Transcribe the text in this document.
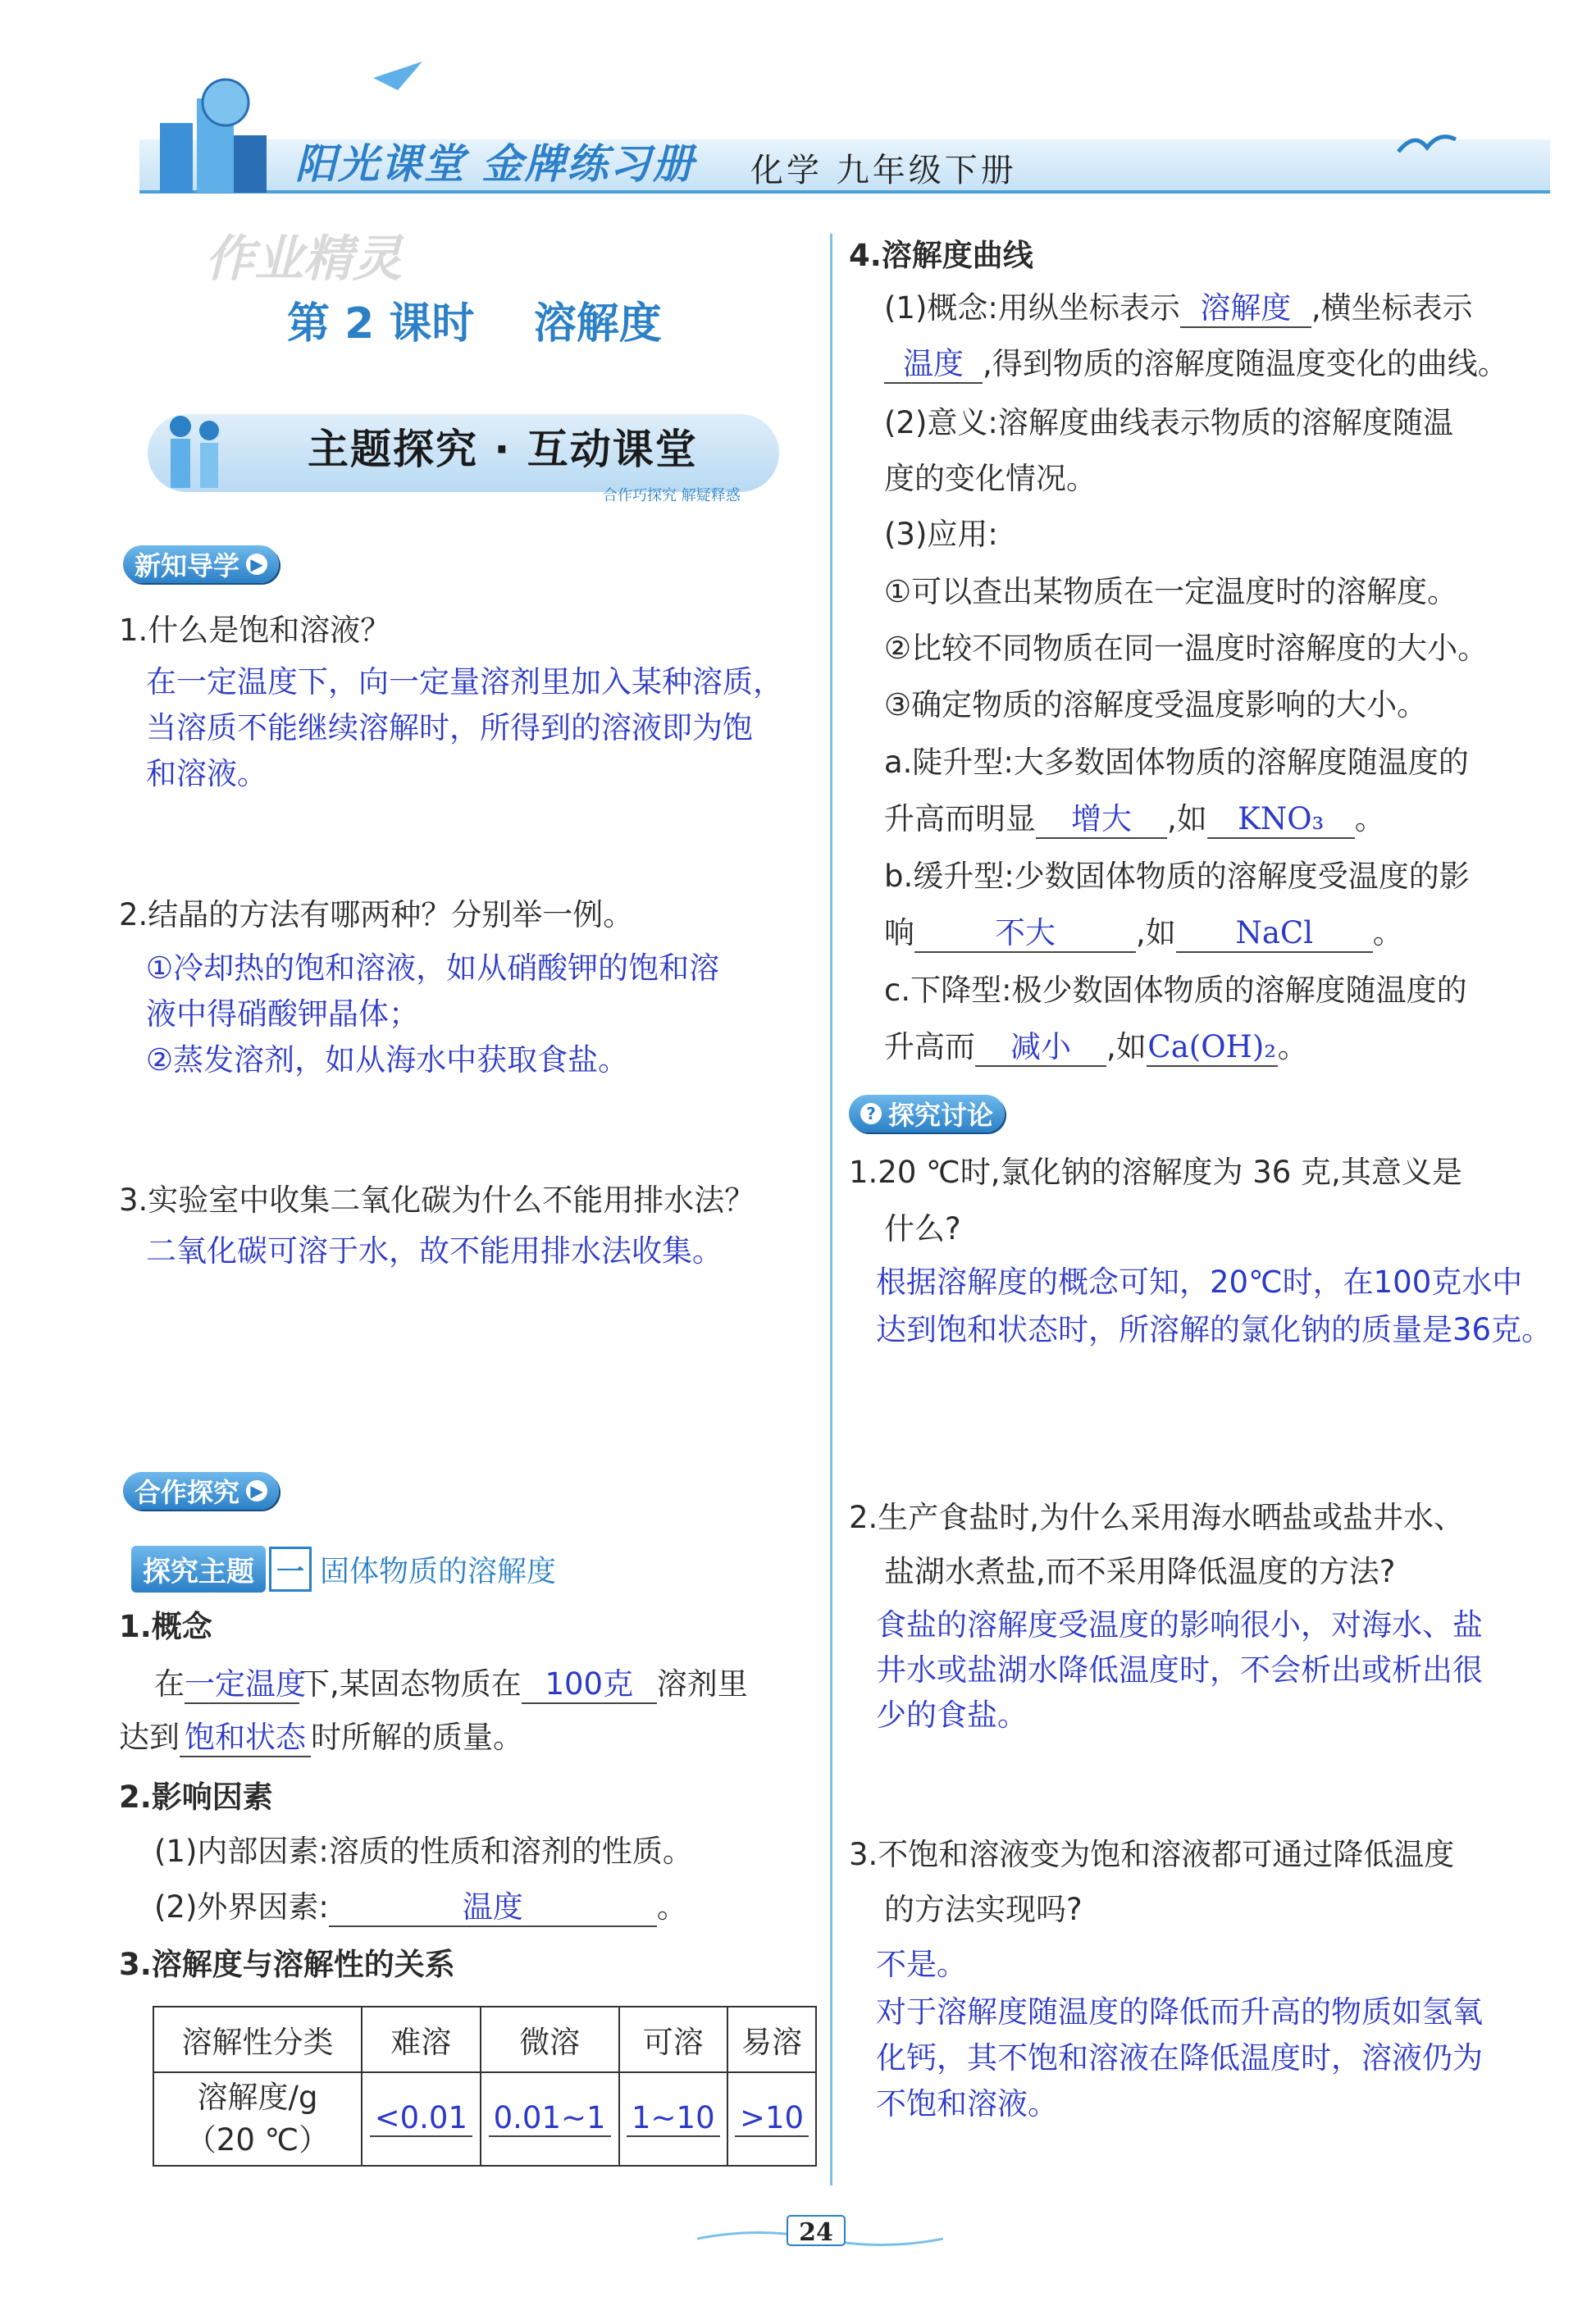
阳光课堂 金牌练习册 化学 九年级下册
作业精灵
第 2 课时    溶解度
主题探究 · 互动课堂
合作巧探究 解疑释惑
新知导学 ▶
1.什么是饱和溶液？
在一定温度下，向一定量溶剂里加入某种溶质，
当溶质不能继续溶解时，所得到的溶液即为饱
和溶液。
2.结晶的方法有哪两种？分别举一例。
①冷却热的饱和溶液，如从硝酸钾的饱和溶
液中得硝酸钾晶体；
②蒸发溶剂，如从海水中获取食盐。
3.实验室中收集二氧化碳为什么不能用排水法？
二氧化碳可溶于水，故不能用排水法收集。
合作探究 ▶
探究主题 一 固体物质的溶解度
1.概念
在一定温度下,某固态物质在 100克 溶剂里
达到 饱和状态 时所解的质量。
2.影响因素
(1)内部因素:溶质的性质和溶剂的性质。
(2)外界因素:	温度	。
3.溶解度与溶解性的关系
溶解性分类	难溶	微溶	可溶	易溶

溶解度/g
（20 ℃）	<0.01	0.01~1	1~10	>10
4.溶解度曲线
(1)概念:用纵坐标表示 溶解度 ,横坐标表示
温度 ,得到物质的溶解度随温度变化的曲线。
(2)意义:溶解度曲线表示物质的溶解度随温
度的变化情况。
(3)应用:
①可以查出某物质在一定温度时的溶解度。
②比较不同物质在同一温度时溶解度的大小。
③确定物质的溶解度受温度影响的大小。
a.陡升型:大多数固体物质的溶解度随温度的
升高而明显 增大 ,如 KNO₃ 。
b.缓升型:少数固体物质的溶解度受温度的影
响	不大	,如 NaCl 。
c.下降型:极少数固体物质的溶解度随温度的
升高而 减小 ,如Ca(OH)₂。
? 探究讨论
1.20 ℃时,氯化钠的溶解度为 36 克,其意义是
什么?
根据溶解度的概念可知，20℃时，在100克水中
达到饱和状态时，所溶解的氯化钠的质量是36克。
2.生产食盐时,为什么采用海水晒盐或盐井水、
盐湖水煮盐,而不采用降低温度的方法?
食盐的溶解度受温度的影响很小，对海水、盐
井水或盐湖水降低温度时，不会析出或析出很
少的食盐。
3.不饱和溶液变为饱和溶液都可通过降低温度
的方法实现吗?
不是。
对于溶解度随温度的降低而升高的物质如氢氧
化钙，其不饱和溶液在降低温度时，溶液仍为
不饱和溶液。
24
